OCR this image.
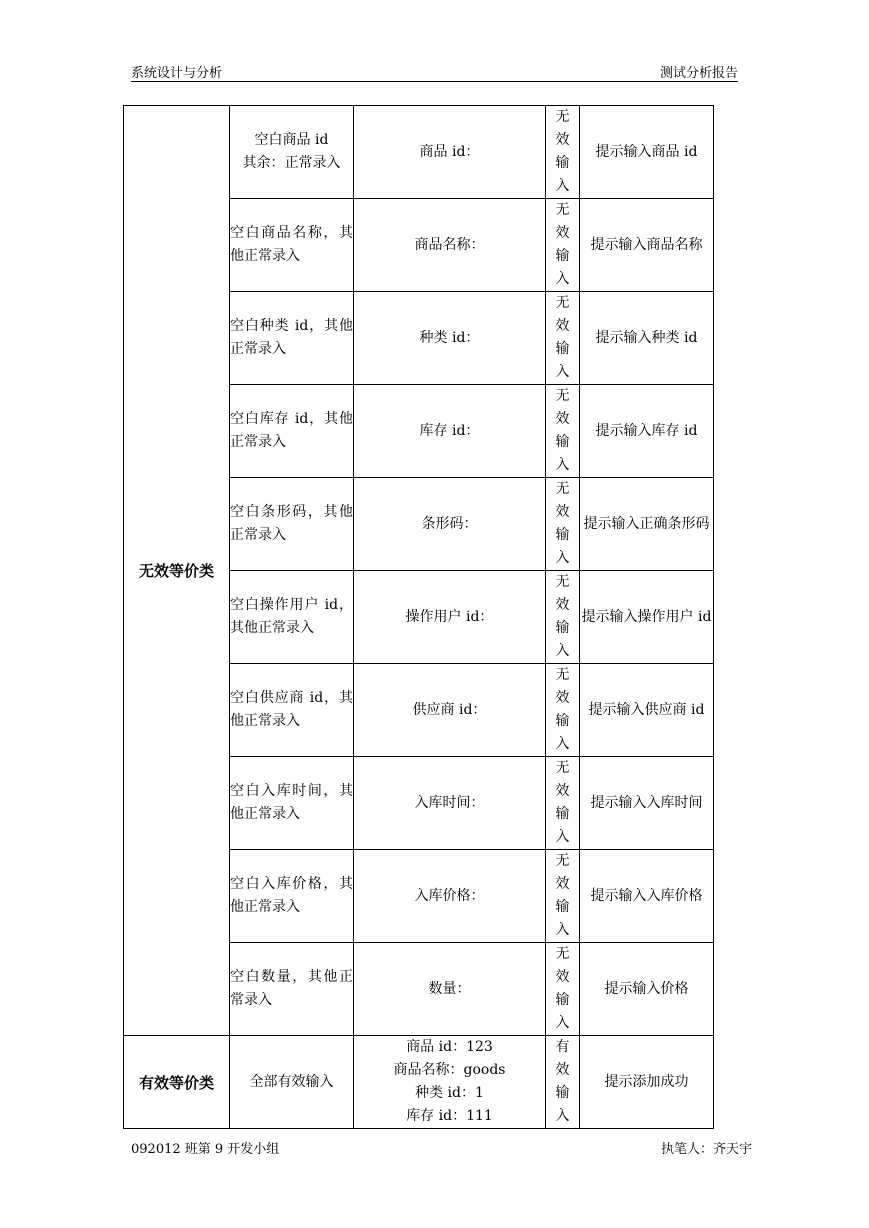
系统设计与分析	测试分析报告
无效等价类	空白商品 id
其余：正常录入	商品 id：	无效输入	提示输入商品 id
	空白商品名称，其他正常录入	商品名称：	无效输入	提示输入商品名称
	空白种类 id，其他正常录入	种类 id：	无效输入	提示输入种类 id
	空白库存 id，其他正常录入	库存 id：	无效输入	提示输入库存 id
	空白条形码，其他正常录入	条形码：	无效输入	提示输入正确条形码
	空白操作用户 id，其他正常录入	操作用户 id：	无效输入	提示输入操作用户 id
	空白供应商 id，其他正常录入	供应商 id：	无效输入	提示输入供应商 id
	空白入库时间，其他正常录入	入库时间：	无效输入	提示输入入库时间
	空白入库价格，其他正常录入	入库价格：	无效输入	提示输入入库价格
	空白数量，其他正常录入	数量：	无效输入	提示输入价格
有效等价类	全部有效输入	商品 id：123
商品名称：goods
种类 id：1
库存 id：111	有效输入	提示添加成功
092012 班第 9 开发小组	执笔人：齐天宇
